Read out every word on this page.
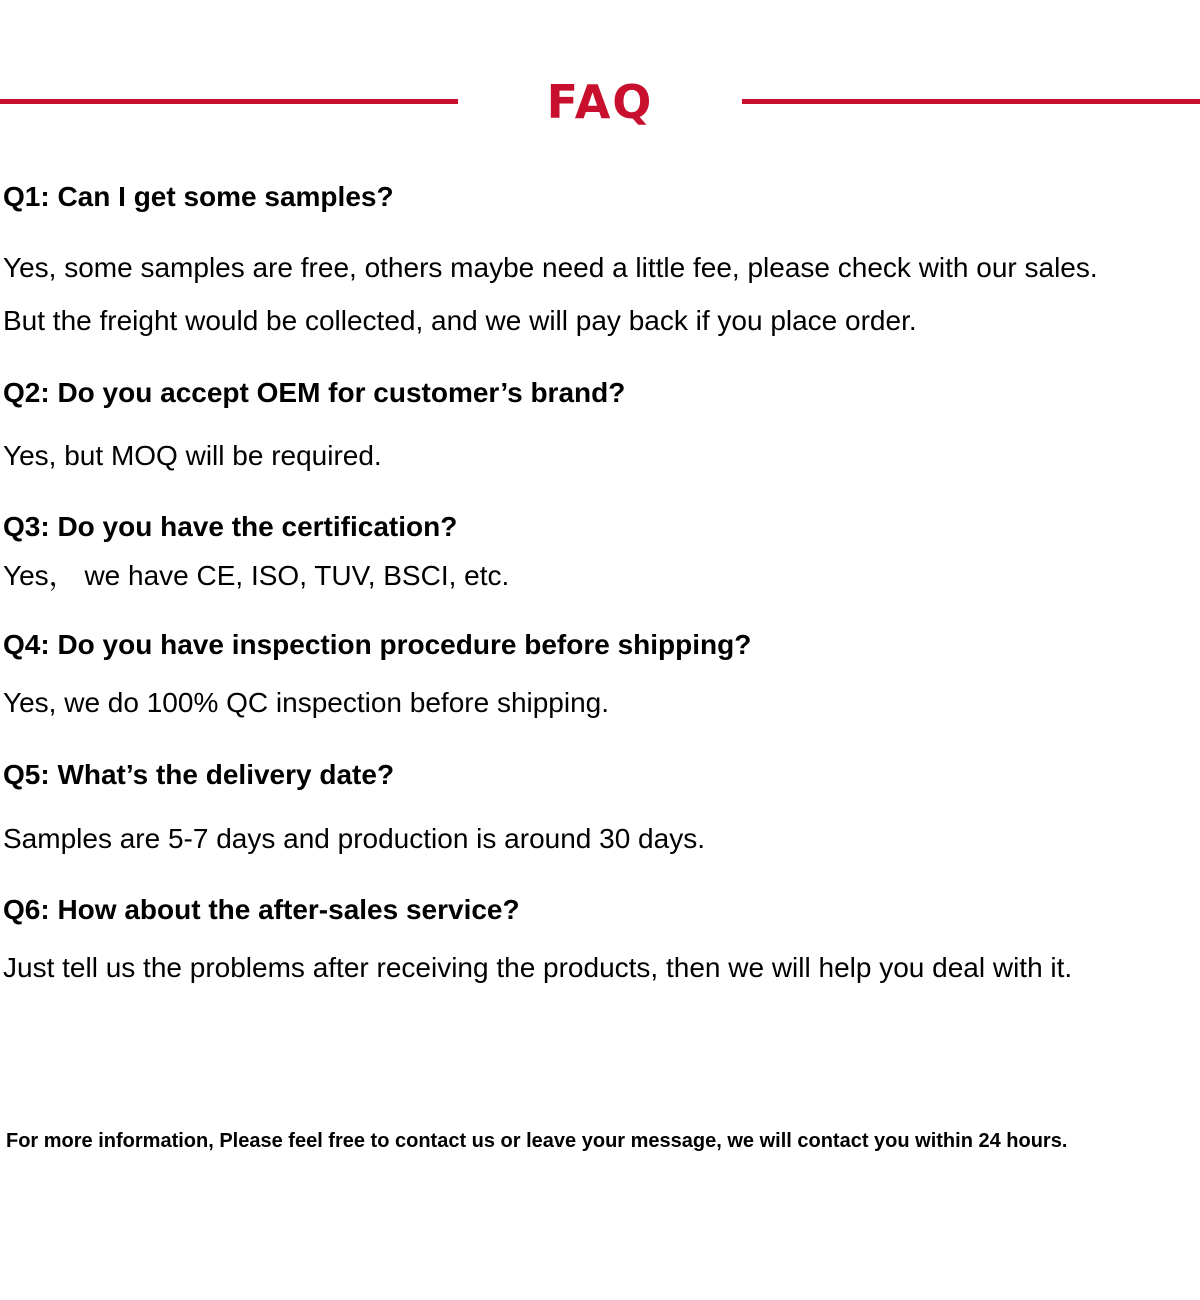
FAQ

Q1: Can I get some samples?

Yes, some samples are free, others maybe need a little fee, please check with our sales.

But the freight would be collected, and we will pay back if you place order.

Q2: Do you accept OEM for customer’s brand?

Yes, but MOQ will be required.

Q3: Do you have the certification?

Yes， we have CE, ISO, TUV, BSCI, etc.

Q4: Do you have inspection procedure before shipping?

Yes, we do 100% QC inspection before shipping.

Q5: What’s the delivery date?

Samples are 5-7 days and production is around 30 days.

Q6: How about the after-sales service?

Just tell us the problems after receiving the products, then we will help you deal with it.

For more information, Please feel free to contact us or leave your message, we will contact you within 24 hours.
